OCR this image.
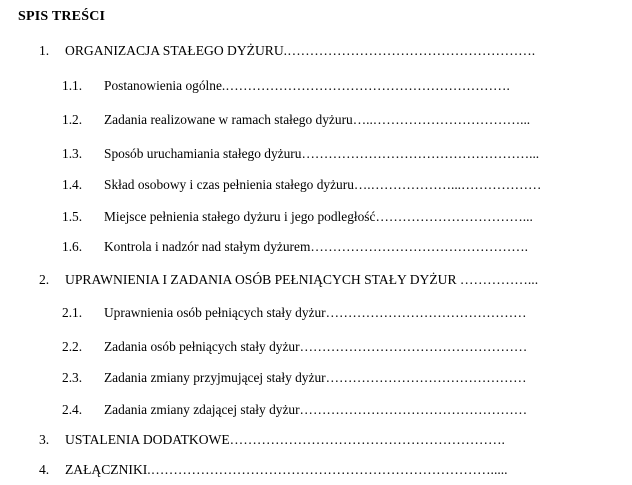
SPIS TREŚCI
1. ORGANIZACJA STAŁEGO DYŻURU.……………………………………………….
1.1. Postanowienia ogólne.……………………………………………………….
1.2. Zadania realizowane w ramach stałego dyżuru…..……………………………...
1.3. Sposób uruchamiania stałego dyżuru……………………………………………...
1.4. Skład osobowy i czas pełnienia stałego dyżuru….………………...………………
1.5. Miejsce pełnienia stałego dyżuru i jego podległość……………………………...
1.6. Kontrola i nadzór nad stałym dyżurem………………………………………….
2. UPRAWNIENIA I ZADANIA OSÓB PEŁNIĄCYCH STAŁY DYŻUR ……………...
2.1. Uprawnienia osób pełniących stały dyżur………………………………………
2.2. Zadania osób pełniących stały dyżur……………………………………………
2.3. Zadania zmiany przyjmującej stały dyżur………………………………………
2.4. Zadania zmiany zdającej stały dyżur……………………………………………
3. USTALENIA DODATKOWE…………………………………………………….
4. ZAŁĄCZNIKI.………………………………………………………………….....
